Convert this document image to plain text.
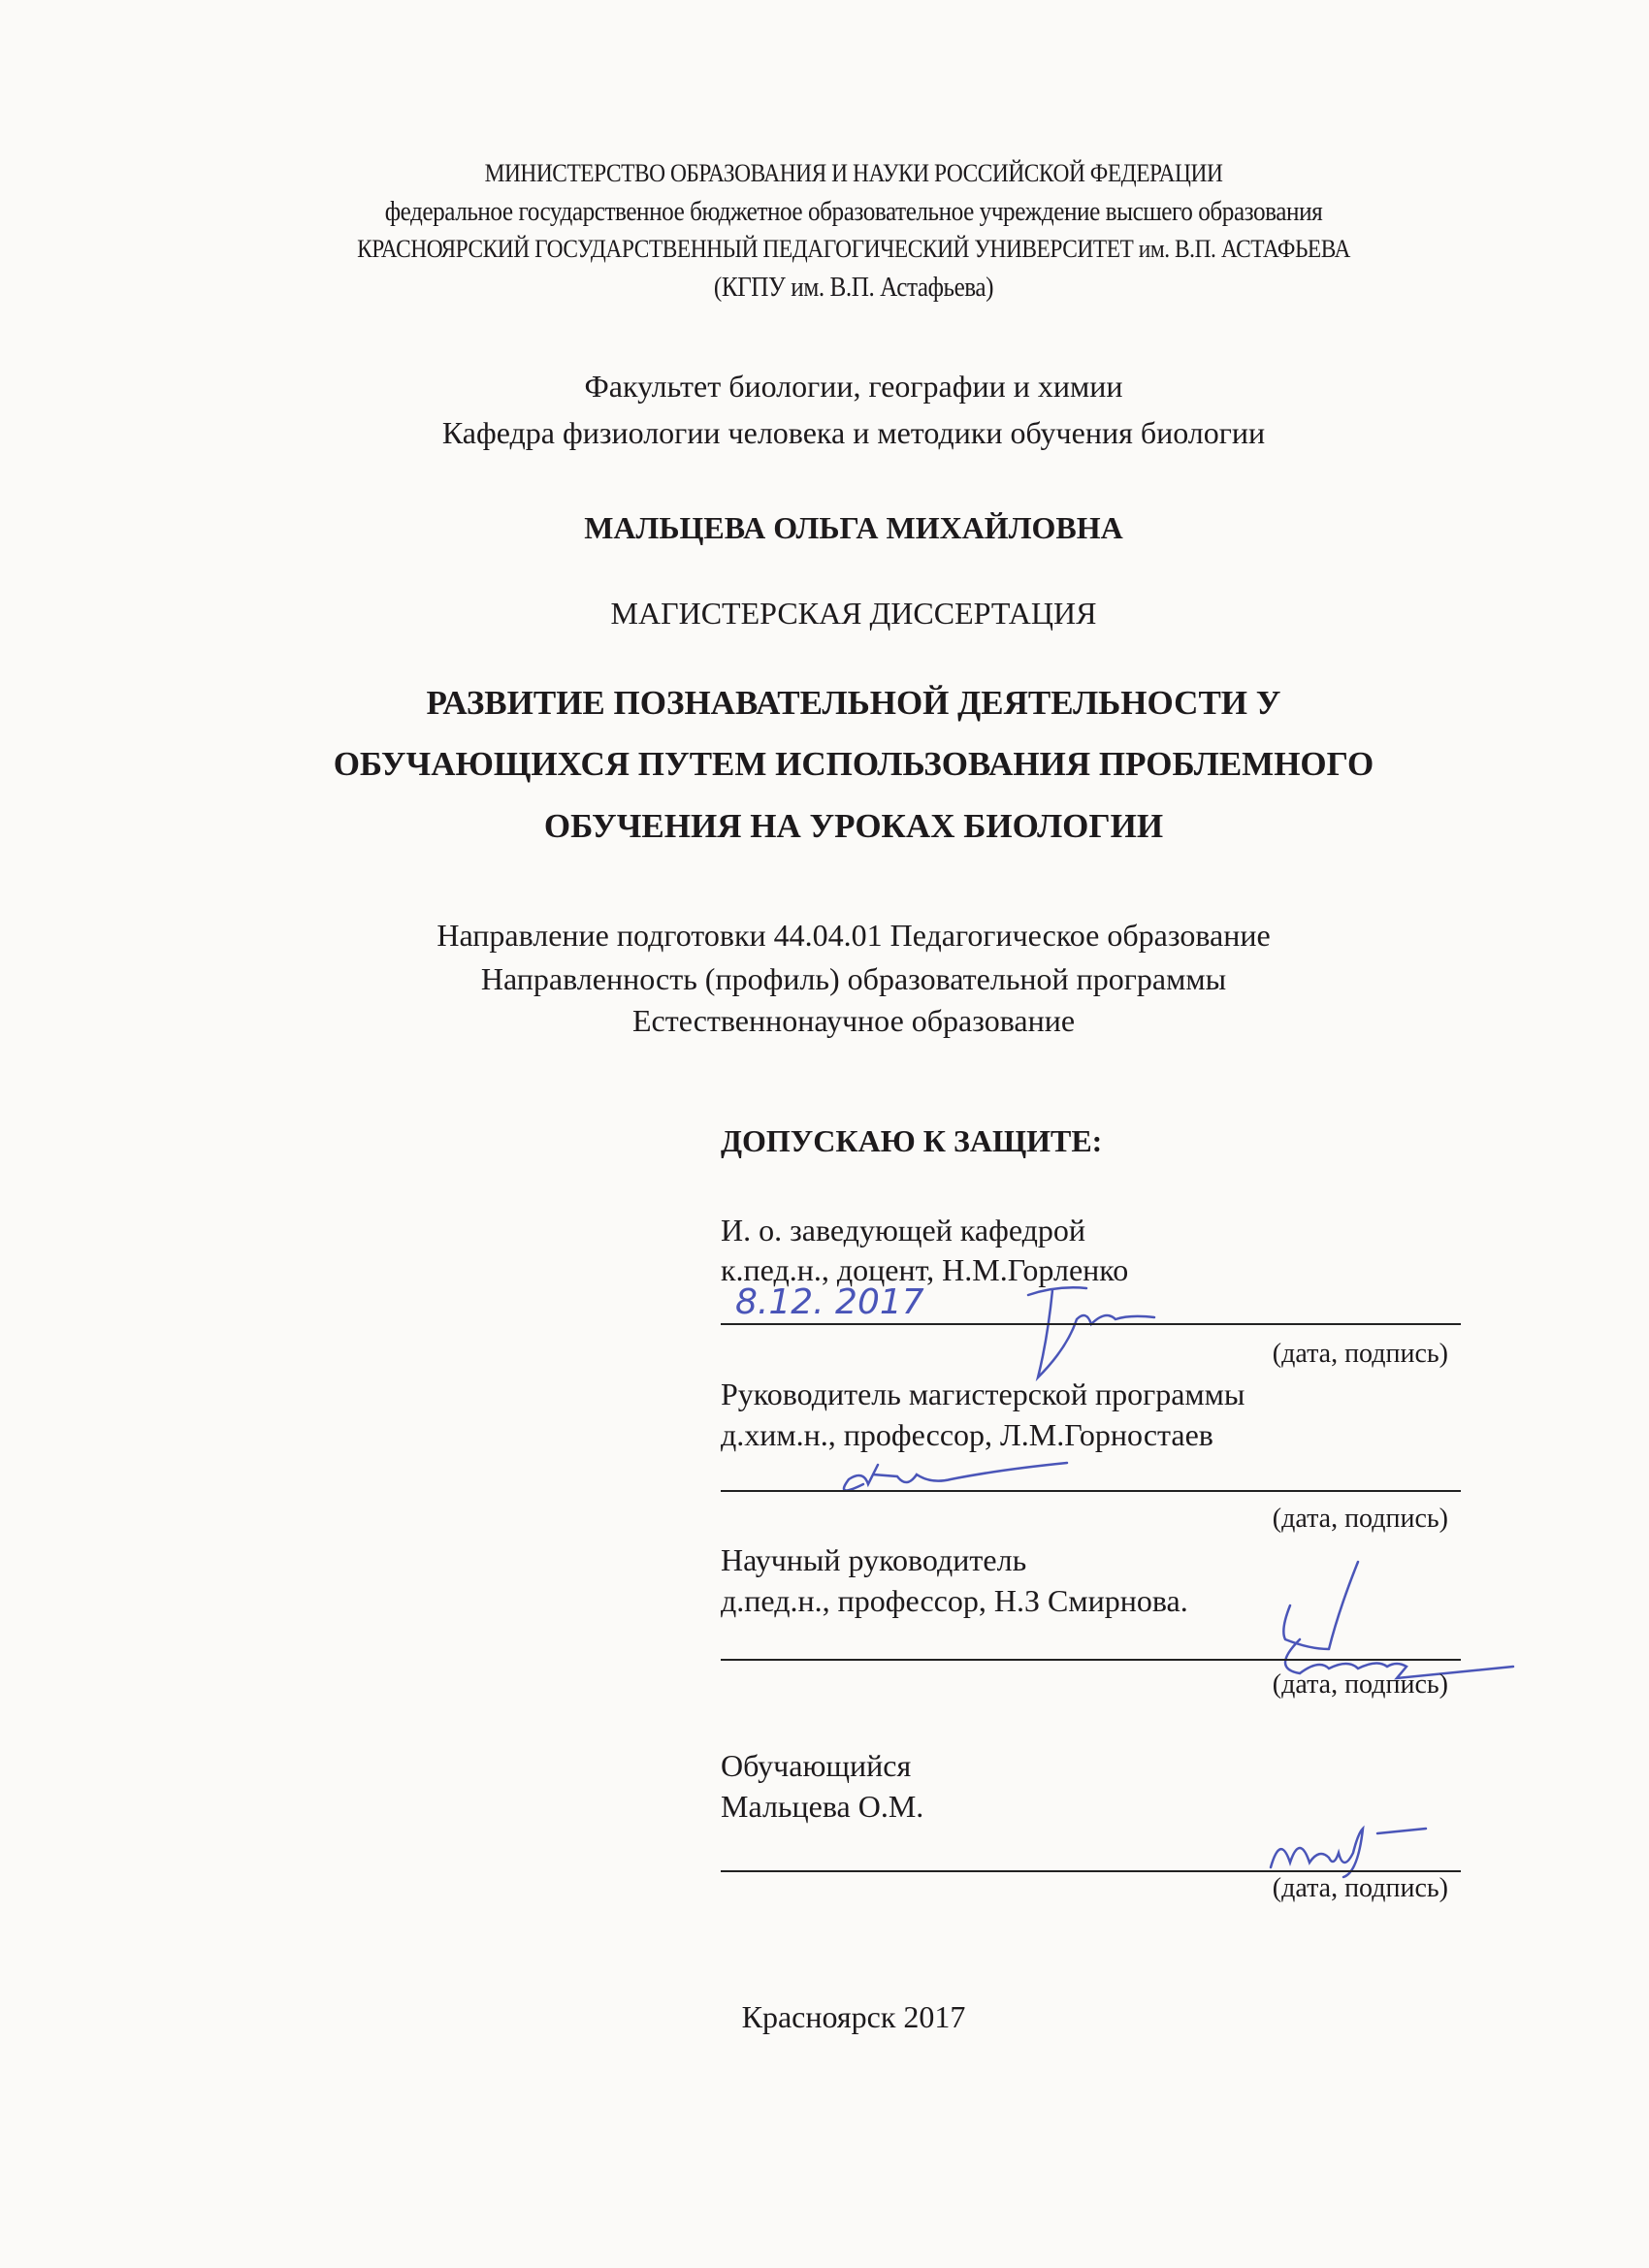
МИНИСТЕРСТВО ОБРАЗОВАНИЯ И НАУКИ РОССИЙСКОЙ ФЕДЕРАЦИИ
федеральное государственное бюджетное образовательное учреждение высшего образования
КРАСНОЯРСКИЙ ГОСУДАРСТВЕННЫЙ ПЕДАГОГИЧЕСКИЙ УНИВЕРСИТЕТ им. В.П. АСТАФЬЕВА
(КГПУ им. В.П. Астафьева)
Факультет биологии, географии и химии
Кафедра физиологии человека и методики обучения биологии
МАЛЬЦЕВА ОЛЬГА МИХАЙЛОВНА
МАГИСТЕРСКАЯ ДИССЕРТАЦИЯ
РАЗВИТИЕ ПОЗНАВАТЕЛЬНОЙ ДЕЯТЕЛЬНОСТИ У
ОБУЧАЮЩИХСЯ ПУТЕМ ИСПОЛЬЗОВАНИЯ ПРОБЛЕМНОГО
ОБУЧЕНИЯ НА УРОКАХ БИОЛОГИИ
Направление подготовки 44.04.01 Педагогическое образование
Направленность (профиль) образовательной программы
Естественнонаучное образование
ДОПУСКАЮ К ЗАЩИТЕ:
И. о. заведующей кафедрой
к.пед.н., доцент, Н.М.Горленко
8.12. 2017
(дата, подпись)
Руководитель магистерской программы
д.хим.н., профессор, Л.М.Горностаев
(дата, подпись)
Научный руководитель
д.пед.н., профессор, Н.З Смирнова.
(дата, подпись)
Обучающийся
Мальцева О.М.
(дата, подпись)
Красноярск 2017
